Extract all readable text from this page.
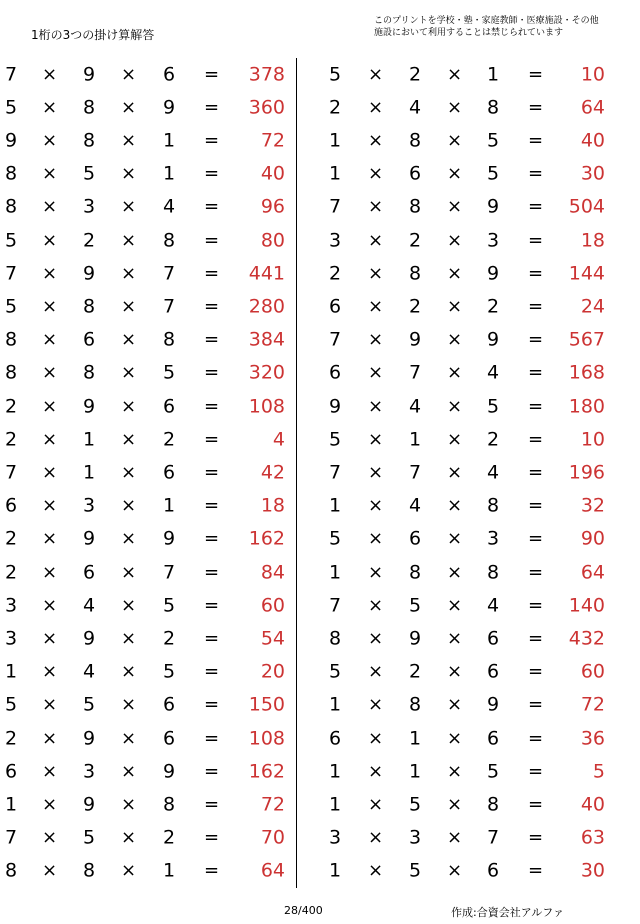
1桁の3つの掛け算解答
このプリントを学校・塾・家庭教師・医療施設・その他
施設において利用することは禁じられています
7 × 9 × 6 =	378
5 × 8 × 9 =	360
9 × 8 × 1 =	72
8 × 5 × 1 =	40
8 × 3 × 4 =	96
5 × 2 × 8 =	80
7 × 9 × 7 =	441
5 × 8 × 7 =	280
8 × 6 × 8 =	384
8 × 8 × 5 =	320
2 × 9 × 6 =	108
2 × 1 × 2 =	4
7 × 1 × 6 =	42
6 × 3 × 1 =	18
2 × 9 × 9 =	162
2 × 6 × 7 =	84
3 × 4 × 5 =	60
3 × 9 × 2 =	54
1 × 4 × 5 =	20
5 × 5 × 6 =	150
2 × 9 × 6 =	108
6 × 3 × 9 =	162
1 × 9 × 8 =	72
7 × 5 × 2 =	70
8 × 8 × 1 =	64
5 × 2 × 1 =	10
2 × 4 × 8 =	64
1 × 8 × 5 =	40
1 × 6 × 5 =	30
7 × 8 × 9 =	504
3 × 2 × 3 =	18
2 × 8 × 9 =	144
6 × 2 × 2 =	24
7 × 9 × 9 =	567
6 × 7 × 4 =	168
9 × 4 × 5 =	180
5 × 1 × 2 =	10
7 × 7 × 4 =	196
1 × 4 × 8 =	32
5 × 6 × 3 =	90
1 × 8 × 8 =	64
7 × 5 × 4 =	140
8 × 9 × 6 =	432
5 × 2 × 6 =	60
1 × 8 × 9 =	72
6 × 1 × 6 =	36
1 × 1 × 5 =	5
1 × 5 × 8 =	40
3 × 3 × 7 =	63
1 × 5 × 6 =	30
28/400	作成:合資会社アルファ
